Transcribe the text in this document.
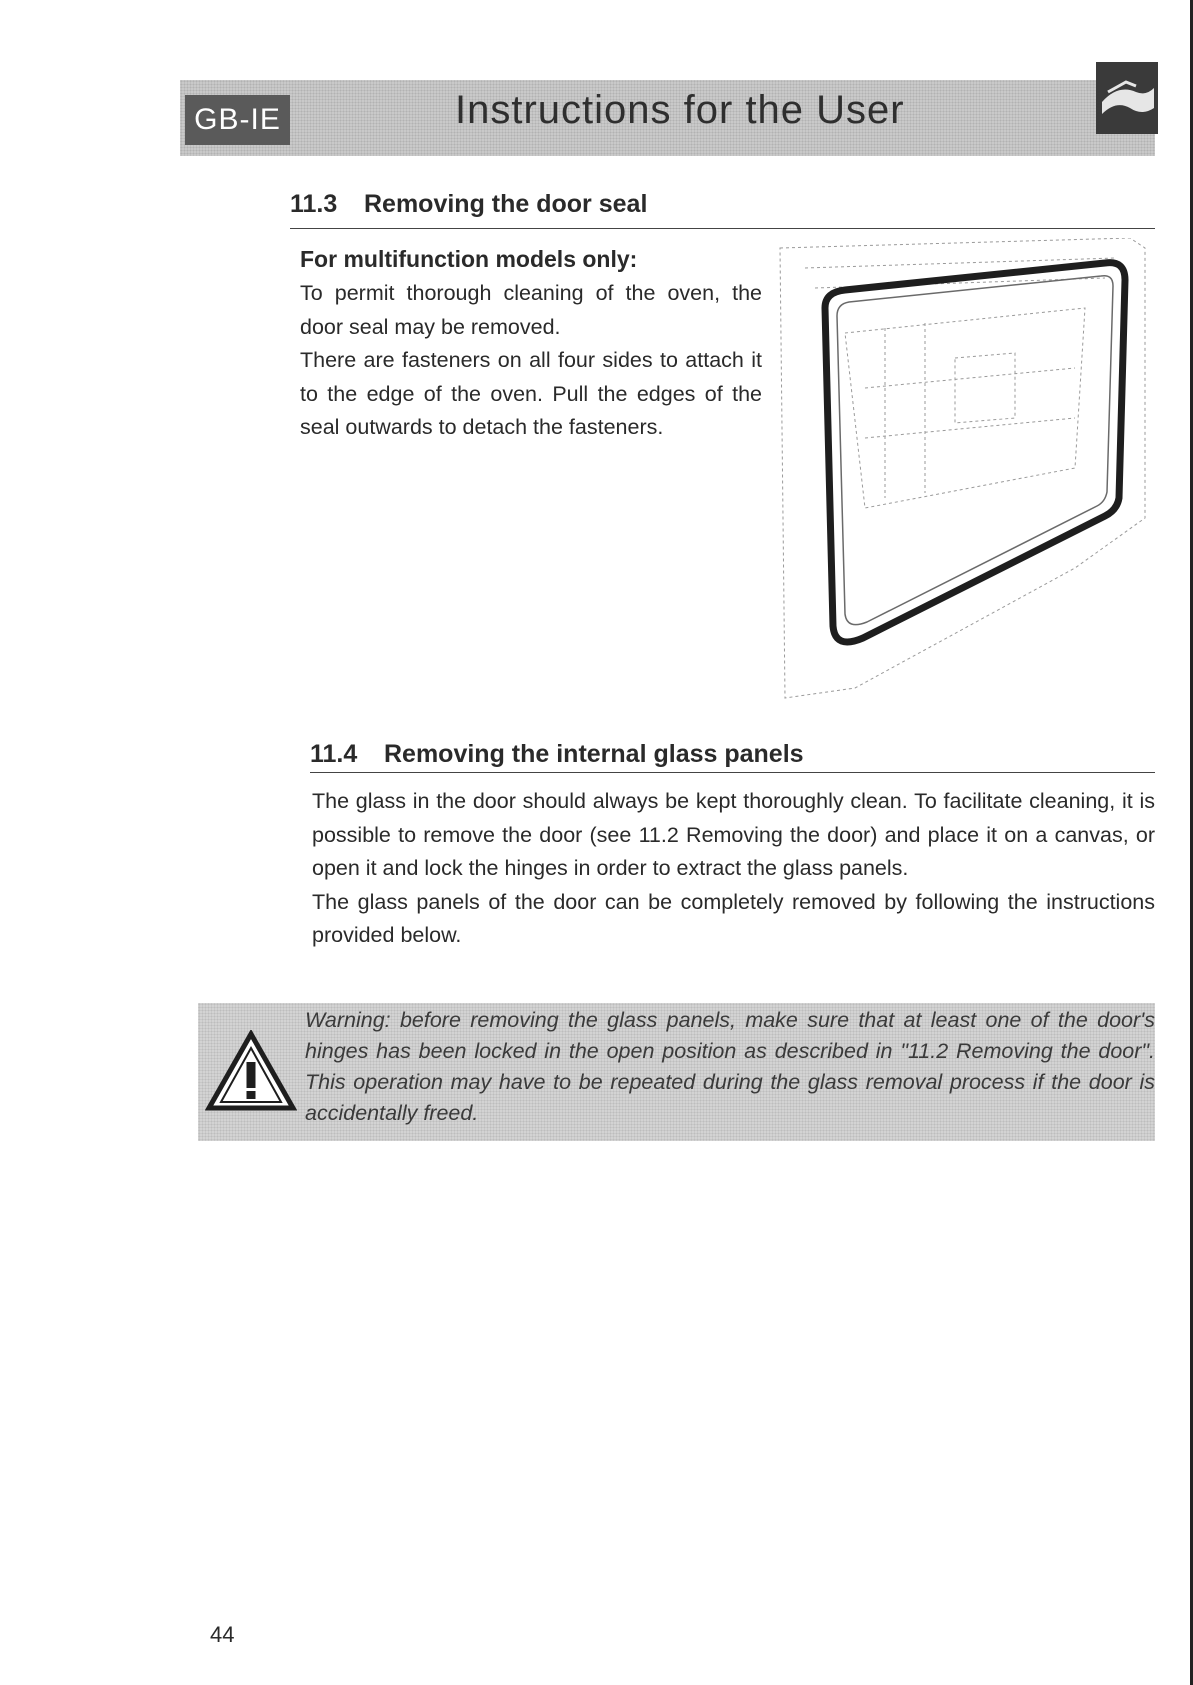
GB-IE	Instructions for the User
11.3 Removing the door seal
For multifunction models only:

To permit thorough cleaning of the oven, the door seal may be removed.

There are fasteners on all four sides to attach it to the edge of the oven. Pull the edges of the seal outwards to detach the fasteners.

11.4 Removing the internal glass panels

The glass in the door should always be kept thoroughly clean. To facilitate cleaning, it is possible to remove the door (see 11.2 Removing the door) and place it on a canvas, or open it and lock the hinges in order to extract the glass panels.

The glass panels of the door can be completely removed by following the instructions provided below.

Warning: before removing the glass panels, make sure that at least one of the door's hinges has been locked in the open position as described in "11.2 Removing the door". This operation may have to be repeated during the glass removal process if the door is accidentally freed.
44
